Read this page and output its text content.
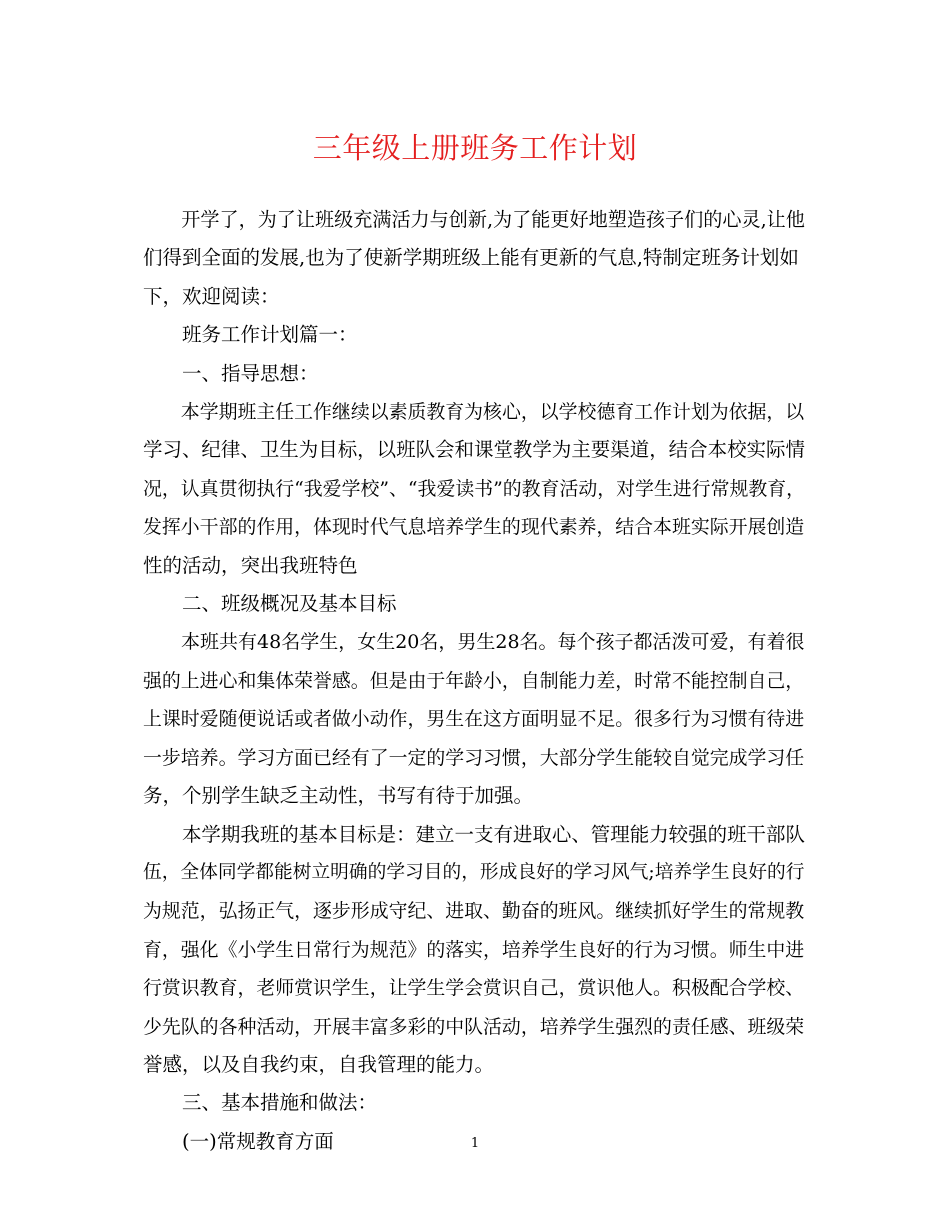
三年级上册班务工作计划
开学了，为了让班级充满活力与创新,为了能更好地塑造孩子们的心灵,让他
们得到全面的发展,也为了使新学期班级上能有更新的气息,特制定班务计划如
下，欢迎阅读：
班务工作计划篇一：
一、指导思想：
本学期班主任工作继续以素质教育为核心，以学校德育工作计划为依据，以
学习、纪律、卫生为目标，以班队会和课堂教学为主要渠道，结合本校实际情
况，认真贯彻执行“我爱学校”、“我爱读书”的教育活动，对学生进行常规教育，
发挥小干部的作用，体现时代气息培养学生的现代素养，结合本班实际开展创造
性的活动，突出我班特色
二、班级概况及基本目标
本班共有48名学生，女生20名，男生28名。每个孩子都活泼可爱，有着很
强的上进心和集体荣誉感。但是由于年龄小，自制能力差，时常不能控制自己，
上课时爱随便说话或者做小动作，男生在这方面明显不足。很多行为习惯有待进
一步培养。学习方面已经有了一定的学习习惯，大部分学生能较自觉完成学习任
务，个别学生缺乏主动性，书写有待于加强。
本学期我班的基本目标是：建立一支有进取心、管理能力较强的班干部队
伍，全体同学都能树立明确的学习目的，形成良好的学习风气;培养学生良好的行
为规范，弘扬正气，逐步形成守纪、进取、勤奋的班风。继续抓好学生的常规教
育，强化《小学生日常行为规范》的落实，培养学生良好的行为习惯。师生中进
行赏识教育，老师赏识学生，让学生学会赏识自己，赏识他人。积极配合学校、
少先队的各种活动，开展丰富多彩的中队活动，培养学生强烈的责任感、班级荣
誉感，以及自我约束，自我管理的能力。
三、基本措施和做法：
(一)常规教育方面	1
